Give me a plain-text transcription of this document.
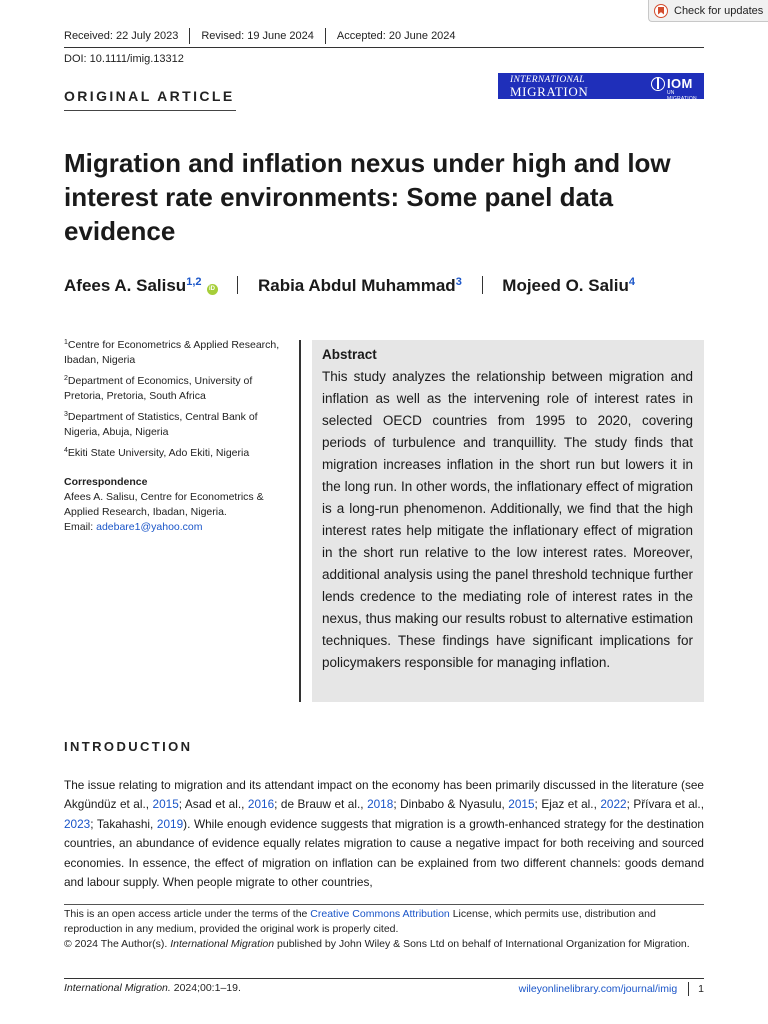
Check for updates
Received: 22 July 2023 Revised: 19 June 2024 Accepted: 20 June 2024
DOI: 10.1111/imig.13312
ORIGINAL ARTICLE
INTERNATIONAL
MIGRATION
IOM
UN MIGRATION
Migration and inflation nexus under high and low interest rate environments: Some panel data evidence
Afees A. Salisu$^{1,2}$iD	Rabia Abdul Muhammad$^3$ Mojeed O. Saliu$^4$
$^1$Centre for Econometrics & Applied Research, Ibadan, Nigeria
$^2$Department of Economics, University of Pretoria, Pretoria, South Africa
$^3$Department of Statistics, Central Bank of Nigeria, Abuja, Nigeria
$^4$Ekiti State University, Ado Ekiti, Nigeria
Correspondence
Afees A. Salisu, Centre for Econometrics & Applied Research, Ibadan, Nigeria.
Email: adebare1@yahoo.com
Abstract

This study analyzes the relationship between migration and inflation as well as the intervening role of interest rates in selected OECD countries from 1995 to 2020, covering periods of turbulence and tranquillity. The study finds that migration increases inflation in the short run but lowers it in the long run. In other words, the inflationary effect of migration is a long-run phenomenon. Additionally, we find that the high interest rates help mitigate the inflationary effect of migration in the short run relative to the low interest rates. Moreover, additional analysis using the panel threshold technique further lends credence to the mediating role of interest rates in the nexus, thus making our results robust to alternative estimation techniques. These findings have significant implications for policymakers responsible for managing inflation.

INTRODUCTION
The issue relating to migration and its attendant impact on the economy has been primarily discussed in the literature (see Akgündüz et al., 2015; Asad et al., 2016; de Brauw et al., 2018; Dinbabo & Nyasulu, 2015; Ejaz et al., 2022; Přívara et al., 2023; Takahashi, 2019). While enough evidence suggests that migration is a growth-enhanced strategy for the destination countries, an abundance of evidence equally relates migration to cause a negative impact for both receiving and sourced economies. In essence, the effect of migration on inflation can be explained from two different channels: goods demand and labour supply. When people migrate to other countries,
This is an open access article under the terms of the Creative Commons Attribution License, which permits use, distribution and reproduction in any medium, provided the original work is properly cited.
© 2024 The Author(s). International Migration published by John Wiley & Sons Ltd on behalf of International Organization for Migration.
International Migration. 2024;00:1–19.	wileyonlinelibrary.com/journal/imig 1
